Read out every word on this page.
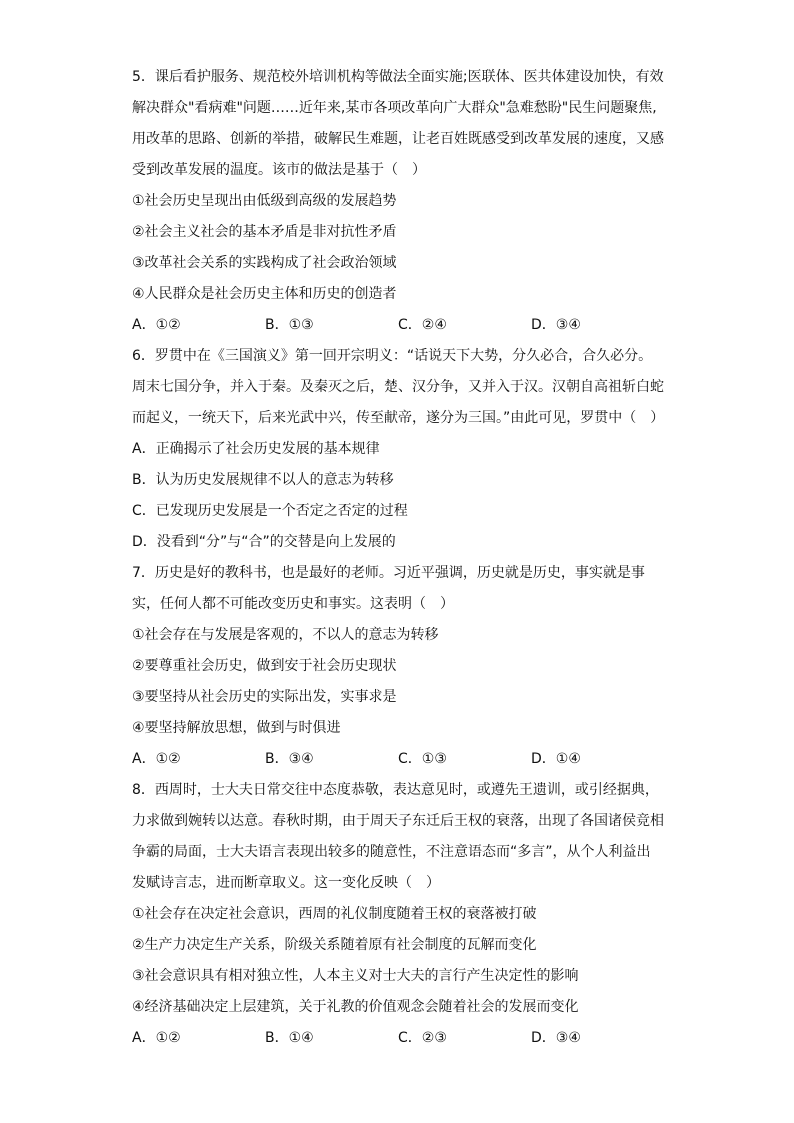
5．课后看护服务、规范校外培训机构等做法全面实施;医联体、医共体建设加快，有效解决群众"看病难"问题……近年来,某市各项改革向广大群众"急难愁盼"民生问题聚焦,用改革的思路、创新的举措，破解民生难题，让老百姓既感受到改革发展的速度，又感受到改革发展的温度。该市的做法是基于（　）

①社会历史呈现出由低级到高级的发展趋势

②社会主义社会的基本矛盾是非对抗性矛盾

③改革社会关系的实践构成了社会政治领域

④人民群众是社会历史主体和历史的创造者

A．①②	B．①③	C．②④	D．③④

6．罗贯中在《三国演义》第一回开宗明义：“话说天下大势，分久必合，合久必分。周末七国分争，并入于秦。及秦灭之后，楚、汉分争，又并入于汉。汉朝自高祖斩白蛇而起义，一统天下，后来光武中兴，传至献帝，遂分为三国。”由此可见，罗贯中（　）

A．正确揭示了社会历史发展的基本规律

B．认为历史发展规律不以人的意志为转移

C．已发现历史发展是一个否定之否定的过程

D．没看到“分”与“合”的交替是向上发展的

7．历史是好的教科书，也是最好的老师。习近平强调，历史就是历史，事实就是事实，任何人都不可能改变历史和事实。这表明（　）

①社会存在与发展是客观的，不以人的意志为转移

②要尊重社会历史，做到安于社会历史现状

③要坚持从社会历史的实际出发，实事求是

④要坚持解放思想，做到与时俱进

A．①②	B．③④	C．①③	D．①④

8．西周时，士大夫日常交往中态度恭敬，表达意见时，或遵先王遗训，或引经据典，力求做到婉转以达意。春秋时期，由于周天子东迁后王权的衰落，出现了各国诸侯竞相争霸的局面，士大夫语言表现出较多的随意性，不注意语态而“多言”，从个人利益出发赋诗言志，进而断章取义。这一变化反映（　）

①社会存在决定社会意识，西周的礼仪制度随着王权的衰落被打破

②生产力决定生产关系，阶级关系随着原有社会制度的瓦解而变化

③社会意识具有相对独立性，人本主义对士大夫的言行产生决定性的影响

④经济基础决定上层建筑，关于礼教的价值观念会随着社会的发展而变化

A．①②	B．①④	C．②③	D．③④
